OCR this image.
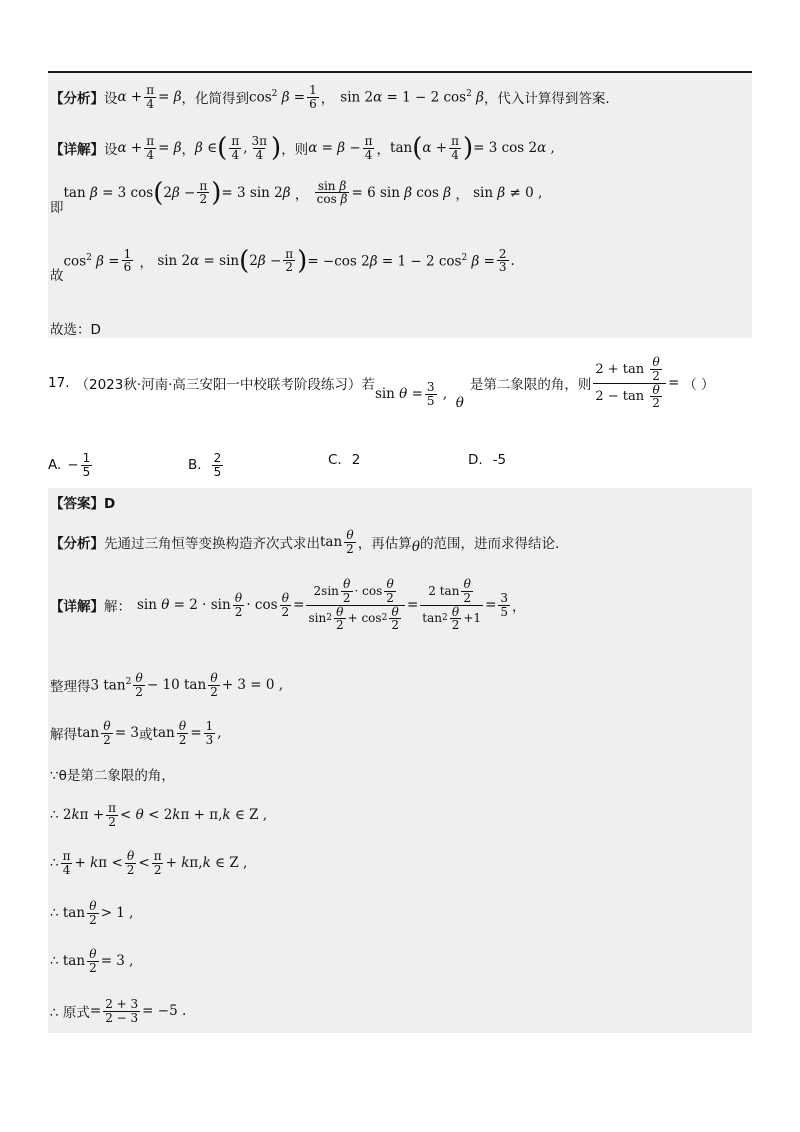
【分析】 设 $\alpha + \frac{\pi}{4} = \beta$ ，化简得到 $\cos^2 \beta = \frac{1}{6}$ ， sin 2α = 1 − 2 $\cos^2 \beta$ ，代入计算得到答案.
【详解】 设 $\alpha + \frac{\pi}{4} = \beta$ ， β ∈ ( $\frac{\pi}{4}$ , $\frac{3\pi}{4}$ ) ，则 $\alpha = \beta - \frac{\pi}{4}$ ， tan ( $\alpha + \frac{\pi}{4}$ ) = 3 cos 2α ,
即
tan β = 3 cos ( $2\beta - \frac{\pi}{2}$ ) = 3 sin 2β ， $\frac{\text{sin β}}{\text{cos β}} = 6$ sin β cos β ， sin β ≠ 0 ,
故
$\cos^2 \beta = \frac{1}{6}$ ， sin 2α = sin ( $2\beta - \frac{\pi}{2}$ ) = −cos 2β = 1 − 2 $\cos^2 \beta = \frac{2}{3}$ .
故选：D
17. （2023秋·河南·高三安阳一中校联考阶段练习）若
$\sin \theta = \frac{3}{5}$ ,
θ
是第二象限的角，则 $\frac{2 + \tan \frac{\theta}{2}}{2 - \tan \frac{\theta}{2}}$ = （ ）
A. − $\frac{1}{5}$	B. $\frac{2}{5}$	C. 2	D. -5
【答案】D
【分析】 先通过三角恒等变换构造齐次式求出 $\tan \frac{\theta}{2}$ ，再估算 θ 的范围，进而求得结论.
【详解】 解： $\sin \theta = 2 \cdot \sin \frac{\theta}{2} \cdot \cos \frac{\theta}{2} = \frac{2\sin \frac{\theta}{2} \cdot \cos \frac{\theta}{2}}{\sin 2 \frac{\theta}{2} + \cos 2 \frac{\theta}{2}} = \frac{2 \tan \frac{\theta}{2}}{\tan 2 \frac{\theta}{2} +1} = \frac{3}{5}$ ，
整理得 3 $\tan^2 \frac{\theta}{2} - 10$ $\tan \frac{\theta}{2} + 3 = 0$ ,
解得 $\tan \frac{\theta}{2} = 3$ 或 $\tan \frac{\theta}{2} = \frac{1}{3}$ ,
∵θ是第二象限的角，
∴ $2k\pi + \frac{\pi}{2} < \theta < 2k\pi + \pi,k$ ∈ Z ,
∴ $\frac{\pi}{4} + k\pi < \frac{\theta}{2} < \frac{\pi}{2} + k\pi,k$ ∈ Z ,
∴ $\tan \frac{\theta}{2} > 1$ ,
∴ $\tan \frac{\theta}{2} = 3$ ,
∴ 原式 = $\frac{2 + 3}{2 - 3} = -5$ .
